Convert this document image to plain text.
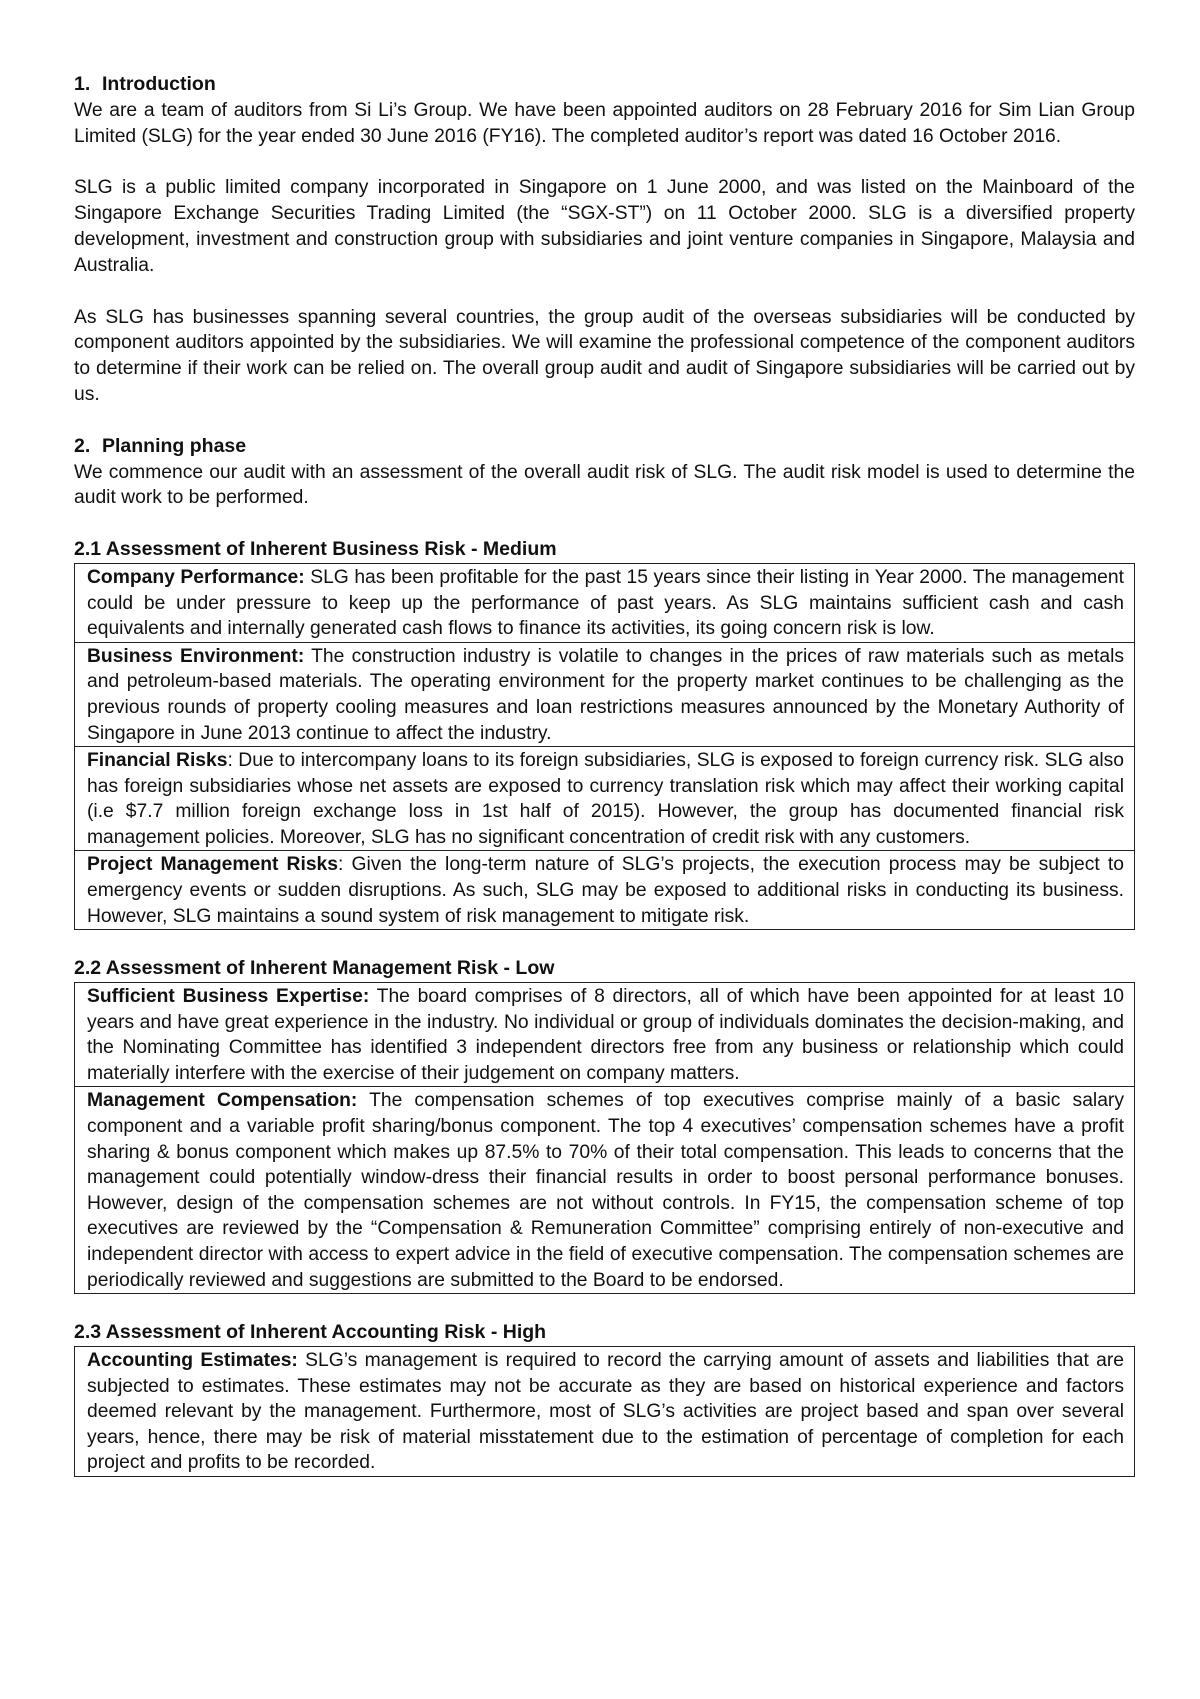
1. Introduction

We are a team of auditors from Si Li’s Group. We have been appointed auditors on 28 February 2016 for Sim Lian Group Limited (SLG) for the year ended 30 June 2016 (FY16). The completed auditor’s report was dated 16 October 2016.

SLG is a public limited company incorporated in Singapore on 1 June 2000, and was listed on the Mainboard of the Singapore Exchange Securities Trading Limited (the “SGX-ST”) on 11 October 2000. SLG is a diversified property development, investment and construction group with subsidiaries and joint venture companies in Singapore, Malaysia and Australia.

As SLG has businesses spanning several countries, the group audit of the overseas subsidiaries will be conducted by component auditors appointed by the subsidiaries. We will examine the professional competence of the component auditors to determine if their work can be relied on. The overall group audit and audit of Singapore subsidiaries will be carried out by us.

2. Planning phase

We commence our audit with an assessment of the overall audit risk of SLG. The audit risk model is used to determine the audit work to be performed.

2.1 Assessment of Inherent Business Risk - Medium
Company Performance: SLG has been profitable for the past 15 years since their listing in Year 2000. The management could be under pressure to keep up the performance of past years. As SLG maintains sufficient cash and cash equivalents and internally generated cash flows to finance its activities, its going concern risk is low.
Business Environment: The construction industry is volatile to changes in the prices of raw materials such as metals and petroleum-based materials. The operating environment for the property market continues to be challenging as the previous rounds of property cooling measures and loan restrictions measures announced by the Monetary Authority of Singapore in June 2013 continue to affect the industry.
Financial Risks: Due to intercompany loans to its foreign subsidiaries, SLG is exposed to foreign currency risk. SLG also has foreign subsidiaries whose net assets are exposed to currency translation risk which may affect their working capital (i.e $7.7 million foreign exchange loss in 1st half of 2015). However, the group has documented financial risk management policies. Moreover, SLG has no significant concentration of credit risk with any customers.
Project Management Risks: Given the long-term nature of SLG’s projects, the execution process may be subject to emergency events or sudden disruptions. As such, SLG may be exposed to additional risks in conducting its business. However, SLG maintains a sound system of risk management to mitigate risk.
2.2 Assessment of Inherent Management Risk - Low
Sufficient Business Expertise: The board comprises of 8 directors, all of which have been appointed for at least 10 years and have great experience in the industry. No individual or group of individuals dominates the decision-making, and the Nominating Committee has identified 3 independent directors free from any business or relationship which could materially interfere with the exercise of their judgement on company matters.
Management Compensation: The compensation schemes of top executives comprise mainly of a basic salary component and a variable profit sharing/bonus component. The top 4 executives’ compensation schemes have a profit sharing & bonus component which makes up 87.5% to 70% of their total compensation. This leads to concerns that the management could potentially window-dress their financial results in order to boost personal performance bonuses. However, design of the compensation schemes are not without controls. In FY15, the compensation scheme of top executives are reviewed by the “Compensation & Remuneration Committee” comprising entirely of non-executive and independent director with access to expert advice in the field of executive compensation. The compensation schemes are periodically reviewed and suggestions are submitted to the Board to be endorsed.
2.3 Assessment of Inherent Accounting Risk - High
Accounting Estimates: SLG’s management is required to record the carrying amount of assets and liabilities that are subjected to estimates. These estimates may not be accurate as they are based on historical experience and factors deemed relevant by the management. Furthermore, most of SLG’s activities are project based and span over several years, hence, there may be risk of material misstatement due to the estimation of percentage of completion for each project and profits to be recorded.
